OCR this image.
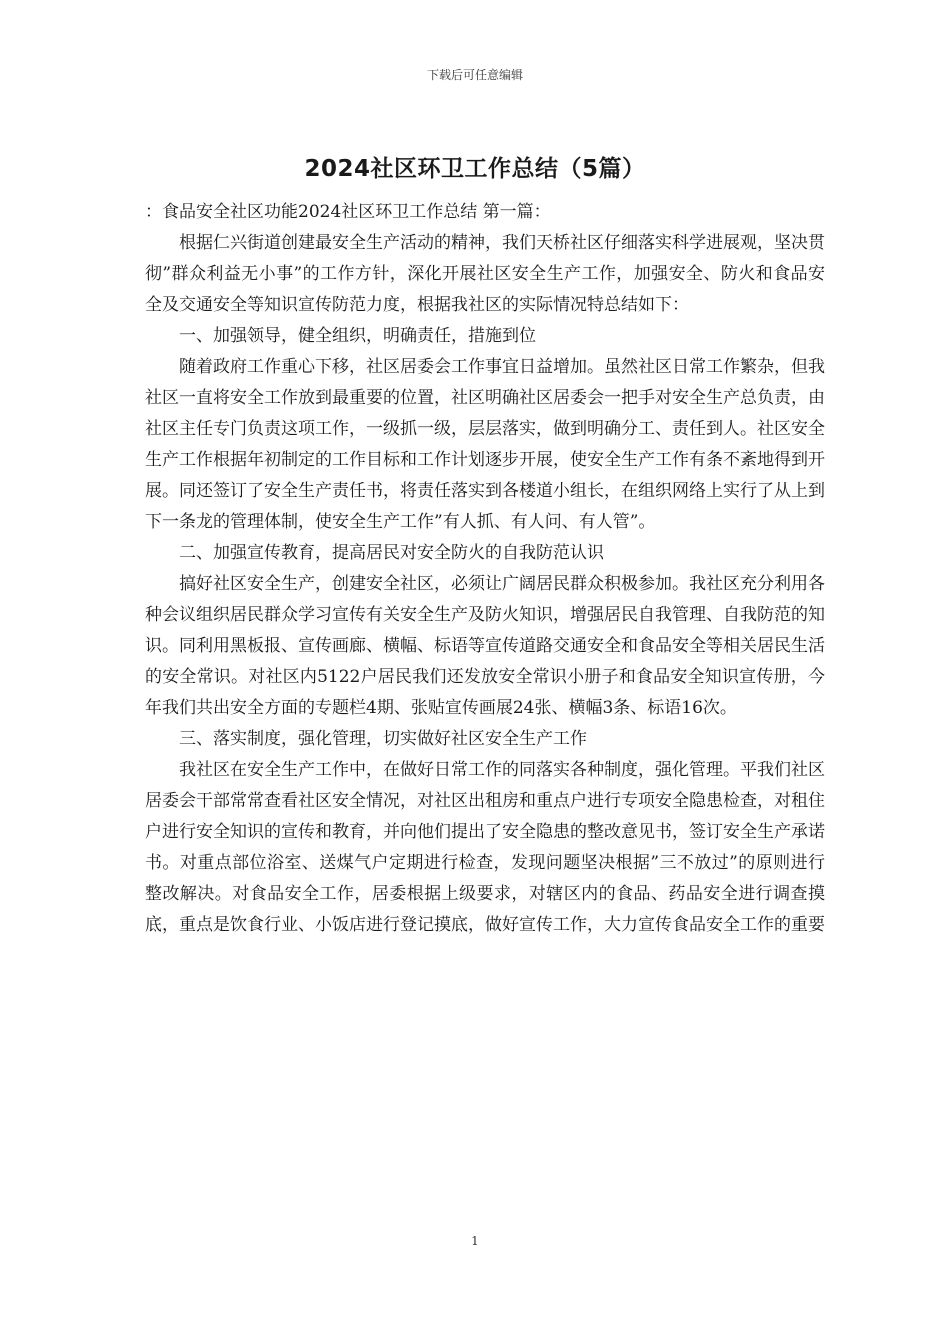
下载后可任意编辑
2024社区环卫工作总结（5篇）

：食品安全社区功能2024社区环卫工作总结 第一篇：

根据仁兴街道创建最安全生产活动的精神，我们天桥社区仔细落实科学进展观，坚决贯彻”群众利益无小事”的工作方针，深化开展社区安全生产工作，加强安全、防火和食品安全及交通安全等知识宣传防范力度，根据我社区的实际情况特总结如下：

一、加强领导，健全组织，明确责任，措施到位

随着政府工作重心下移，社区居委会工作事宜日益增加。虽然社区日常工作繁杂，但我社区一直将安全工作放到最重要的位置，社区明确社区居委会一把手对安全生产总负责，由社区主任专门负责这项工作，一级抓一级，层层落实，做到明确分工、责任到人。社区安全生产工作根据年初制定的工作目标和工作计划逐步开展，使安全生产工作有条不紊地得到开展。同还签订了安全生产责任书，将责任落实到各楼道小组长，在组织网络上实行了从上到下一条龙的管理体制，使安全生产工作”有人抓、有人问、有人管”。

二、加强宣传教育，提高居民对安全防火的自我防范认识

搞好社区安全生产，创建安全社区，必须让广阔居民群众积极参加。我社区充分利用各种会议组织居民群众学习宣传有关安全生产及防火知识，增强居民自我管理、自我防范的知识。同利用黑板报、宣传画廊、横幅、标语等宣传道路交通安全和食品安全等相关居民生活的安全常识。对社区内5122户居民我们还发放安全常识小册子和食品安全知识宣传册，今年我们共出安全方面的专题栏4期、张贴宣传画展24张、横幅3条、标语16次。

三、落实制度，强化管理，切实做好社区安全生产工作

我社区在安全生产工作中，在做好日常工作的同落实各种制度，强化管理。平我们社区居委会干部常常查看社区安全情况，对社区出租房和重点户进行专项安全隐患检查，对租住户进行安全知识的宣传和教育，并向他们提出了安全隐患的整改意见书，签订安全生产承诺书。对重点部位浴室、送煤气户定期进行检查，发现问题坚决根据”三不放过”的原则进行整改解决。对食品安全工作，居委根据上级要求，对辖区内的食品、药品安全进行调查摸底，重点是饮食行业、小饭店进行登记摸底，做好宣传工作，大力宣传食品安全工作的重要

1
